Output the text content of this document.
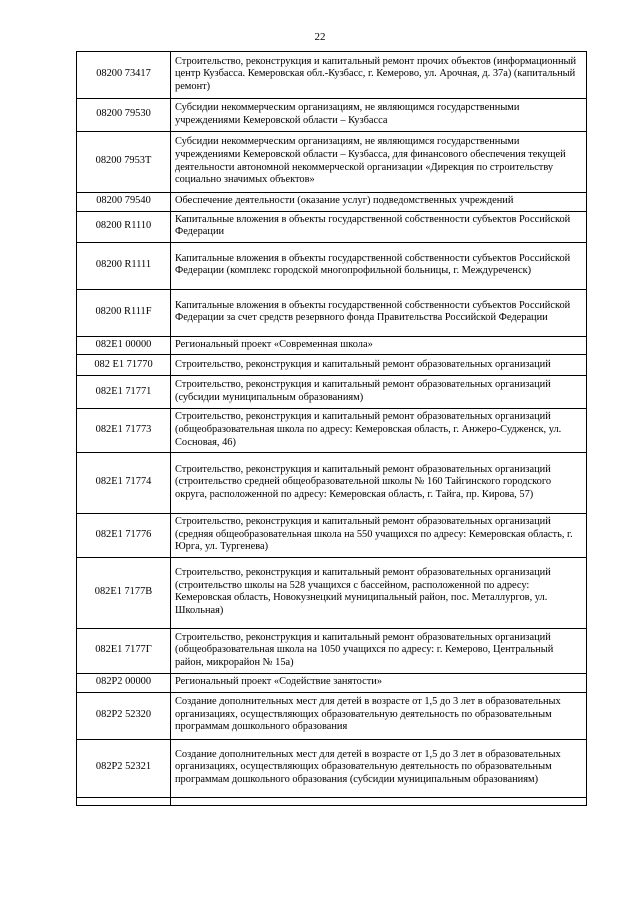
22
08200 73417	Строительство, реконструкция и капитальный ремонт прочих объектов (информационный центр Кузбасса. Кемеровская обл.-Кузбасс, г. Кемерово, ул. Арочная, д. 37а) (капитальный ремонт)
08200 79530	Субсидии некоммерческим организациям, не являющимся государственными учреждениями Кемеровской области – Кузбасса
08200 7953Т	Субсидии некоммерческим организациям, не являющимся государственными учреждениями Кемеровской области – Кузбасса, для финансового обеспечения текущей деятельности автономной некоммерческой организации «Дирекция по строительству социально значимых объектов»
08200 79540	Обеспечение деятельности (оказание услуг) подведомственных учреждений
08200 R1110	Капитальные вложения в объекты государственной собственности субъектов Российской Федерации
08200 R1111	Капитальные вложения в объекты государственной собственности субъектов Российской Федерации (комплекс городской многопрофильной больницы, г. Междуреченск)
08200 R111F	Капитальные вложения в объекты государственной собственности субъектов Российской Федерации за счет средств резервного фонда Правительства Российской Федерации
082E1 00000	Региональный проект «Современная школа»
082 E1 71770	Строительство, реконструкция и капитальный ремонт образовательных организаций
082E1 71771	Строительство, реконструкция и капитальный ремонт образовательных организаций (субсидии муниципальным образованиям)
082E1 71773	Строительство, реконструкция и капитальный ремонт образовательных организаций (общеобразовательная школа по адресу: Кемеровская область, г. Анжеро-Судженск, ул. Сосновая, 46)
082E1 71774	Строительство, реконструкция и капитальный ремонт образовательных организаций (строительство средней общеобразовательной школы № 160 Тайгинского городского округа, расположенной по адресу: Кемеровская область, г. Тайга, пр. Кирова, 57)
082E1 71776	Строительство, реконструкция и капитальный ремонт образовательных организаций (средняя общеобразовательная школа на 550 учащихся по адресу: Кемеровская область, г. Юрга, ул. Тургенева)
082E1 7177В	Строительство, реконструкция и капитальный ремонт образовательных организаций (строительство школы на 528 учащихся с бассейном, расположенной по адресу: Кемеровская область, Новокузнецкий муниципальный район, пос. Металлургов, ул. Школьная)
082E1 7177Г	Строительство, реконструкция и капитальный ремонт образовательных организаций (общеобразовательная школа на 1050 учащихся по адресу: г. Кемерово, Центральный район, микрорайон № 15а)
082P2 00000	Региональный проект «Содействие занятости»
082P2 52320	Создание дополнительных мест для детей в возрасте от 1,5 до 3 лет в образовательных организациях, осуществляющих образовательную деятельность по образовательным программам дошкольного образования
082P2 52321	Создание дополнительных мест для детей в возрасте от 1,5 до 3 лет в образовательных организациях, осуществляющих образовательную деятельность по образовательным программам дошкольного образования (субсидии муниципальным образованиям)
